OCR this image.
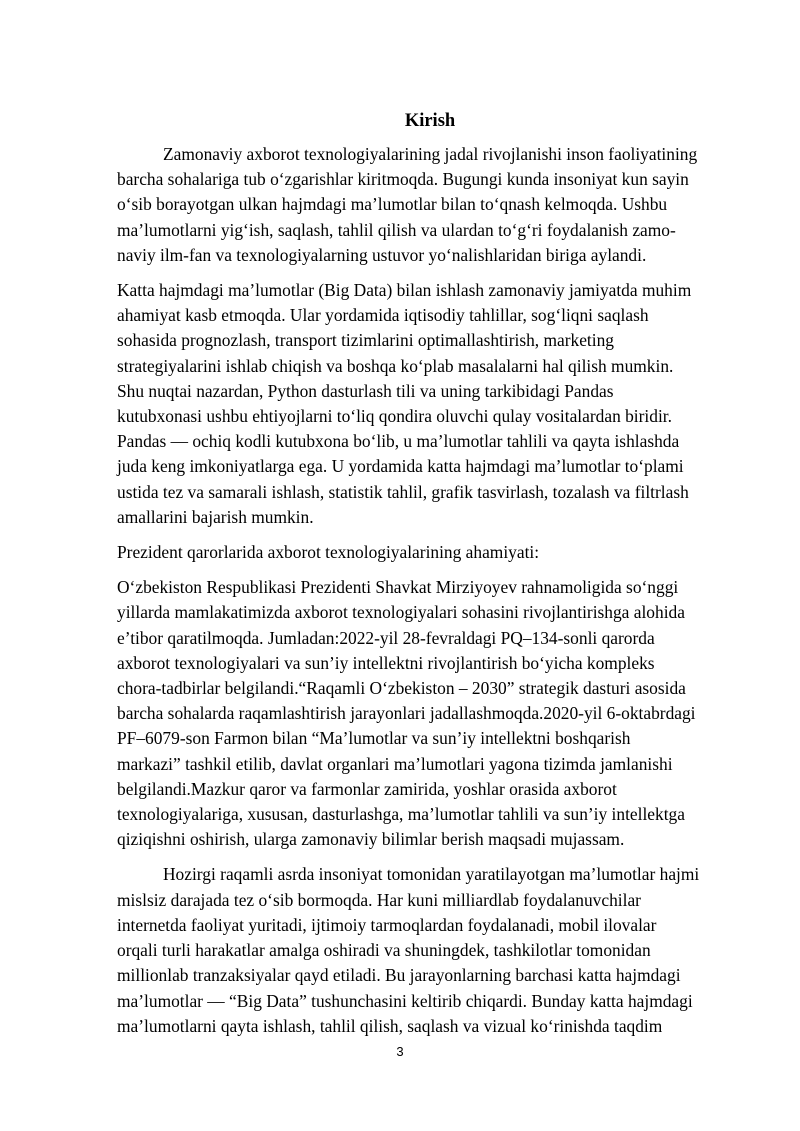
Kirish
Zamonaviy axborot texnologiyalarining jadal rivojlanishi inson faoliyatining
barcha sohalariga tub o‘zgarishlar kiritmoqda. Bugungi kunda insoniyat kun sayin
o‘sib borayotgan ulkan hajmdagi ma’lumotlar bilan to‘qnash kelmoqda. Ushbu
ma’lumotlarni yig‘ish, saqlash, tahlil qilish va ulardan to‘g‘ri foydalanish zamo-
naviy ilm-fan va texnologiyalarning ustuvor yo‘nalishlaridan biriga aylandi.
Katta hajmdagi ma’lumotlar (Big Data) bilan ishlash zamonaviy jamiyatda muhim
ahamiyat kasb etmoqda. Ular yordamida iqtisodiy tahlillar, sog‘liqni saqlash
sohasida prognozlash, transport tizimlarini optimallashtirish, marketing
strategiyalarini ishlab chiqish va boshqa ko‘plab masalalarni hal qilish mumkin.
Shu nuqtai nazardan, Python dasturlash tili va uning tarkibidagi Pandas
kutubxonasi ushbu ehtiyojlarni to‘liq qondira oluvchi qulay vositalardan biridir.
Pandas — ochiq kodli kutubxona bo‘lib, u ma’lumotlar tahlili va qayta ishlashda
juda keng imkoniyatlarga ega. U yordamida katta hajmdagi ma’lumotlar to‘plami
ustida tez va samarali ishlash, statistik tahlil, grafik tasvirlash, tozalash va filtrlash
amallarini bajarish mumkin.
Prezident qarorlarida axborot texnologiyalarining ahamiyati:
O‘zbekiston Respublikasi Prezidenti Shavkat Mirziyoyev rahnamoligida so‘nggi
yillarda mamlakatimizda axborot texnologiyalari sohasini rivojlantirishga alohida
e’tibor qaratilmoqda. Jumladan:2022-yil 28-fevraldagi PQ–134-sonli qarorda
axborot texnologiyalari va sun’iy intellektni rivojlantirish bo‘yicha kompleks
chora-tadbirlar belgilandi.“Raqamli O‘zbekiston – 2030” strategik dasturi asosida
barcha sohalarda raqamlashtirish jarayonlari jadallashmoqda.2020-yil 6-oktabrdagi
PF–6079-son Farmon bilan “Ma’lumotlar va sun’iy intellektni boshqarish
markazi” tashkil etilib, davlat organlari ma’lumotlari yagona tizimda jamlanishi
belgilandi.Mazkur qaror va farmonlar zamirida, yoshlar orasida axborot
texnologiyalariga, xususan, dasturlashga, ma’lumotlar tahlili va sun’iy intellektga
qiziqishni oshirish, ularga zamonaviy bilimlar berish maqsadi mujassam.
Hozirgi raqamli asrda insoniyat tomonidan yaratilayotgan ma’lumotlar hajmi
mislsiz darajada tez o‘sib bormoqda. Har kuni milliardlab foydalanuvchilar
internetda faoliyat yuritadi, ijtimoiy tarmoqlardan foydalanadi, mobil ilovalar
orqali turli harakatlar amalga oshiradi va shuningdek, tashkilotlar tomonidan
millionlab tranzaksiyalar qayd etiladi. Bu jarayonlarning barchasi katta hajmdagi
ma’lumotlar — “Big Data” tushunchasini keltirib chiqardi. Bunday katta hajmdagi
ma’lumotlarni qayta ishlash, tahlil qilish, saqlash va vizual ko‘rinishda taqdim
3
